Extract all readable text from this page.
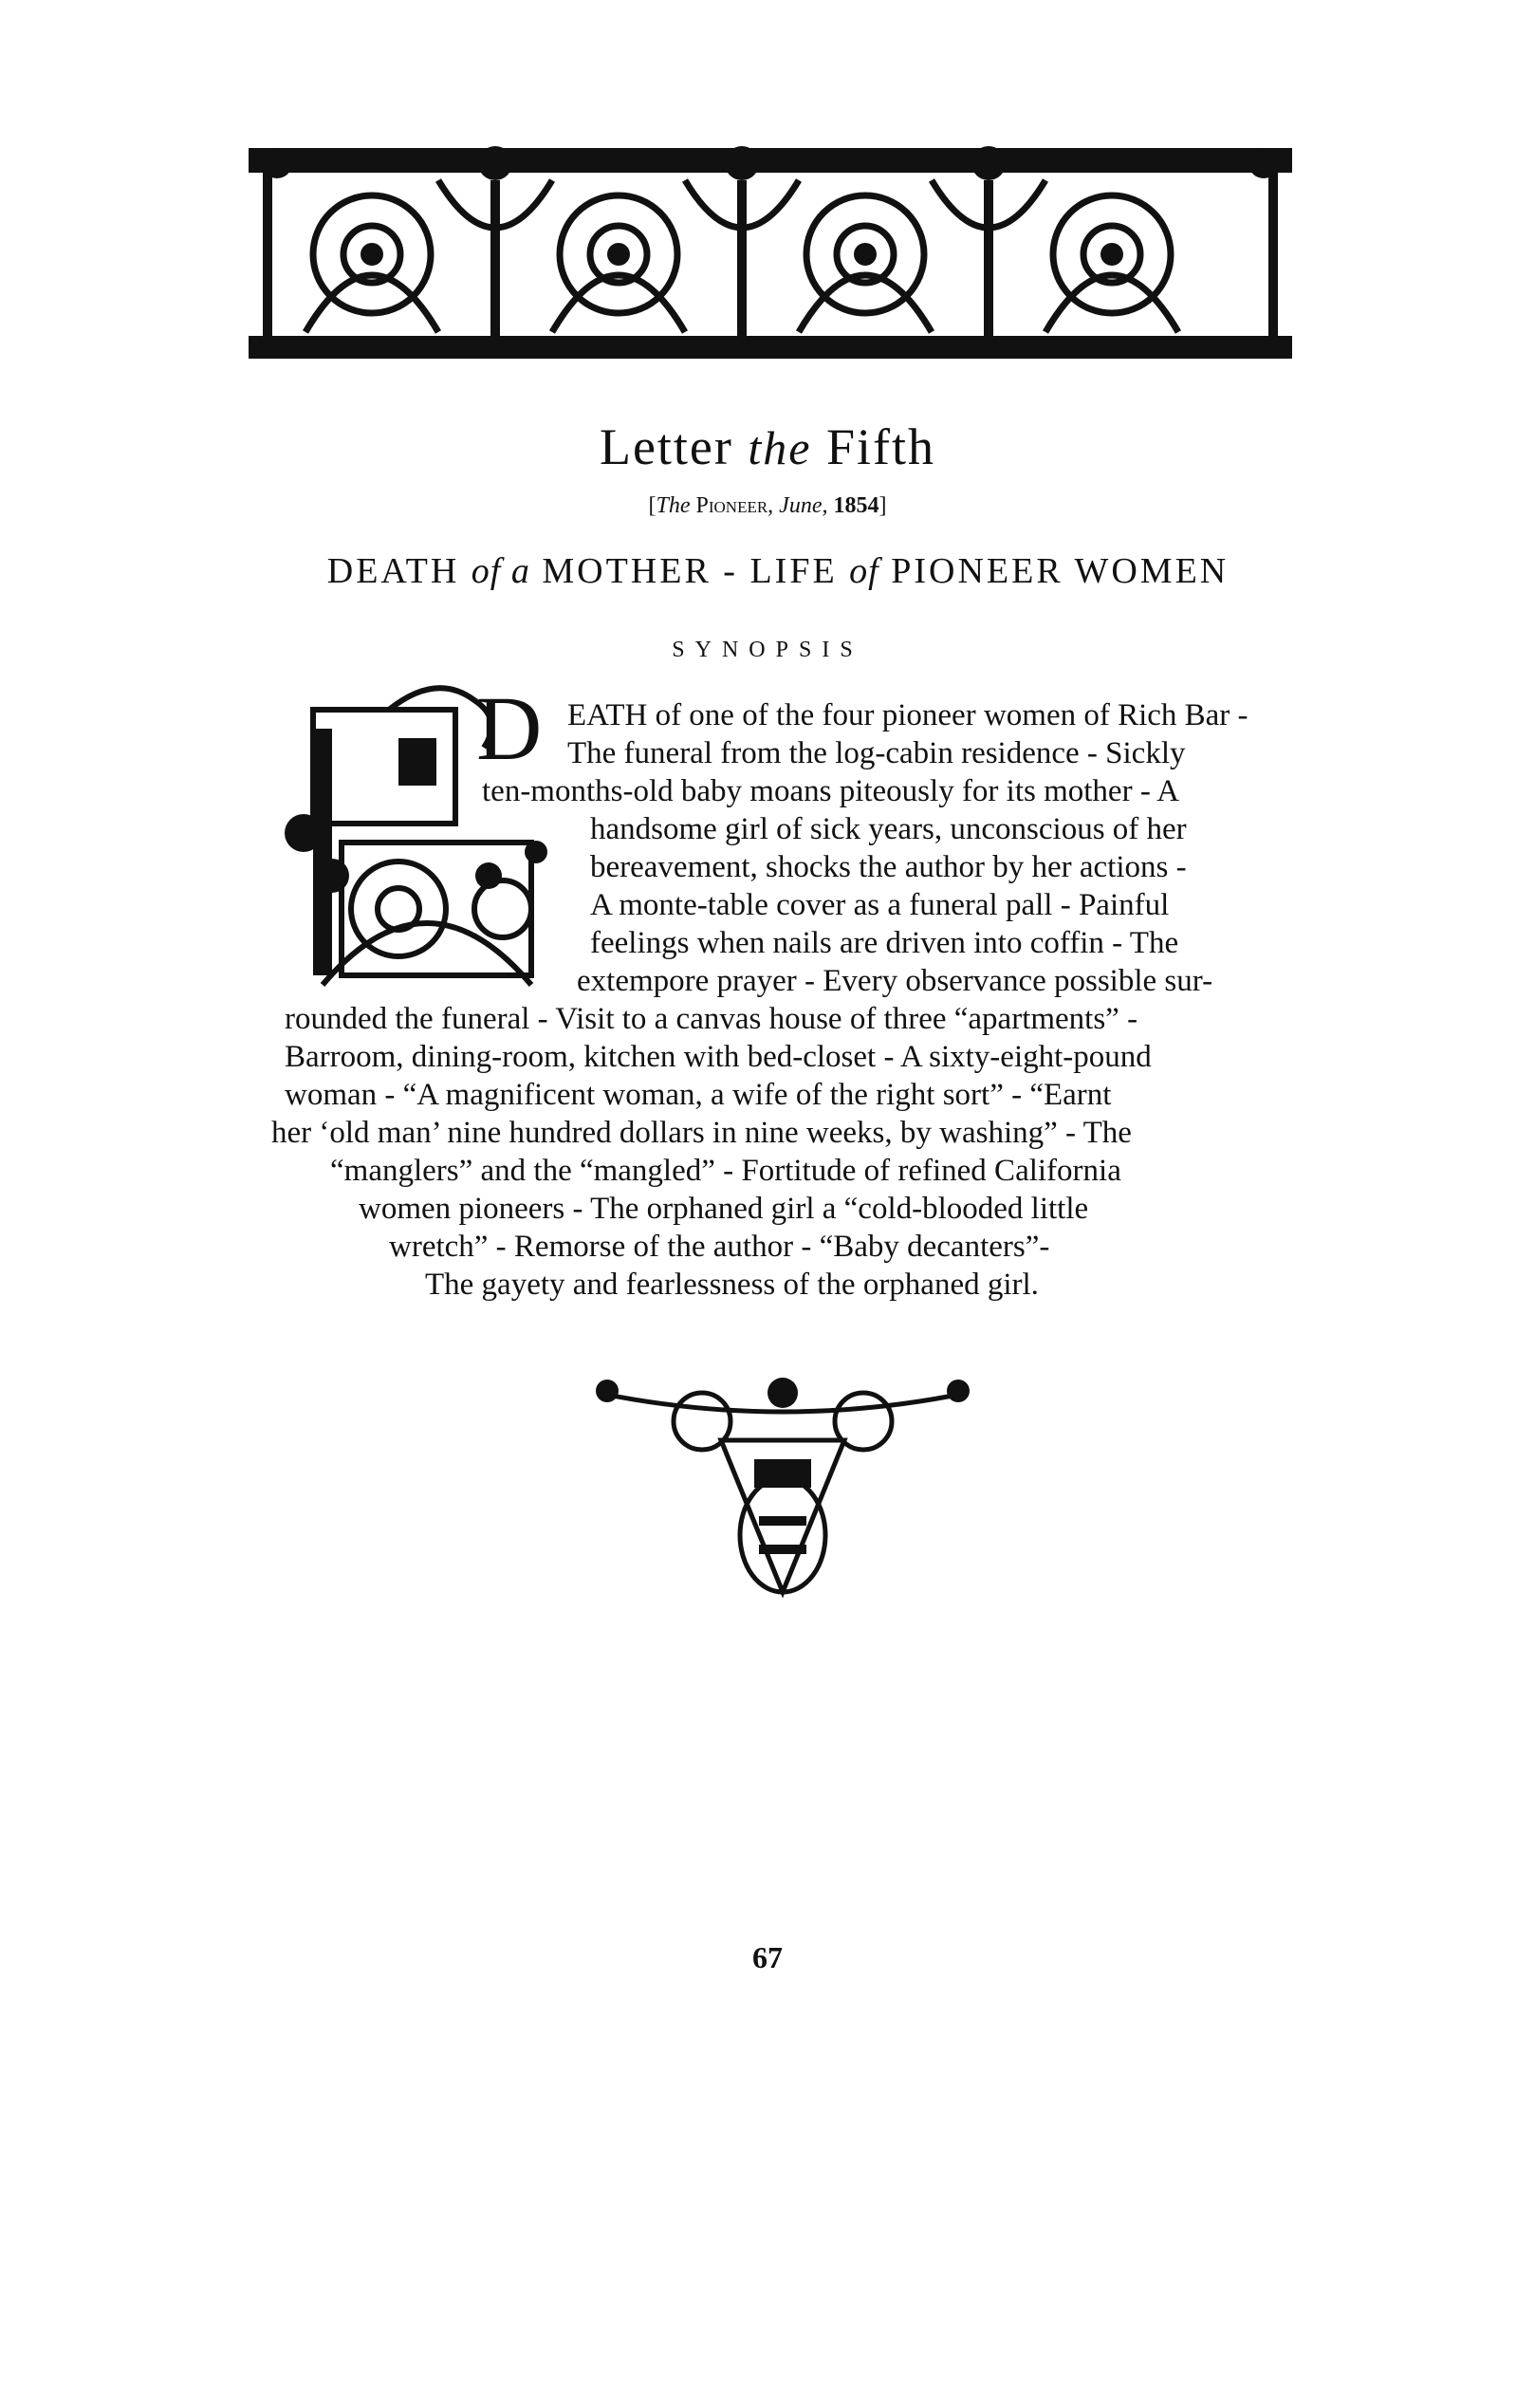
Letter the Fifth
[The Pioneer, June, 1854]
DEATH of a MOTHER - LIFE of PIONEER WOMEN
SYNOPSIS
D EATH of one of the four pioneer women of Rich Bar -
The funeral from the log-cabin residence - Sickly
ten-months-old baby moans piteously for its mother - A
handsome girl of sick years, unconscious of her
bereavement, shocks the author by her actions -
A monte-table cover as a funeral pall - Painful
feelings when nails are driven into coffin - The
extempore prayer - Every observance possible sur-
rounded the funeral - Visit to a canvas house of three “apartments” -
Barroom, dining-room, kitchen with bed-closet - A sixty-eight-pound
woman - “A magnificent woman, a wife of the right sort” - “Earnt
her ‘old man’ nine hundred dollars in nine weeks, by washing” - The
“manglers” and the “mangled” - Fortitude of refined California
women pioneers - The orphaned girl a “cold-blooded little
wretch” - Remorse of the author - “Baby decanters”-
The gayety and fearlessness of the orphaned girl.
67
